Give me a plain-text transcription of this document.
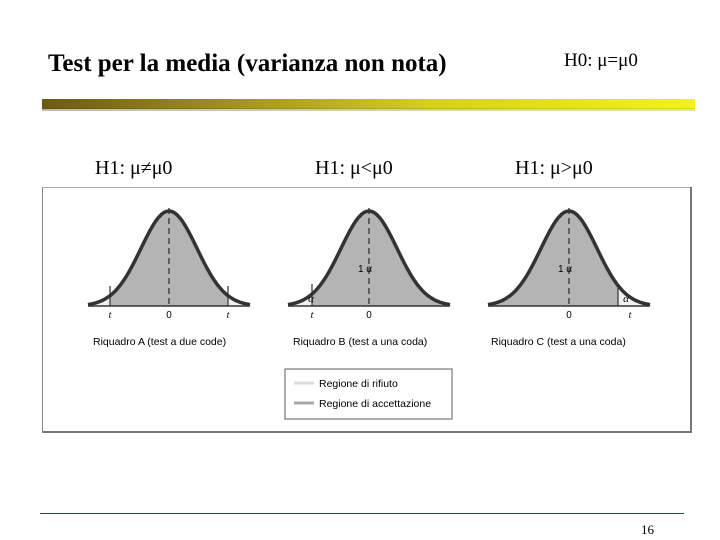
Test per la media (varianza non nota)	H0: μ=μ0
H1: μ≠μ0	H1: μ<μ0	H1: μ>μ0
t	0	t
Riquadro A (test a due code)
α
1 α
t	0
Riquadro B (test a una coda)
α
1 α
0	t
Riquadro C (test a una coda)
Regione di rifiuto
Regione di accettazione
16
